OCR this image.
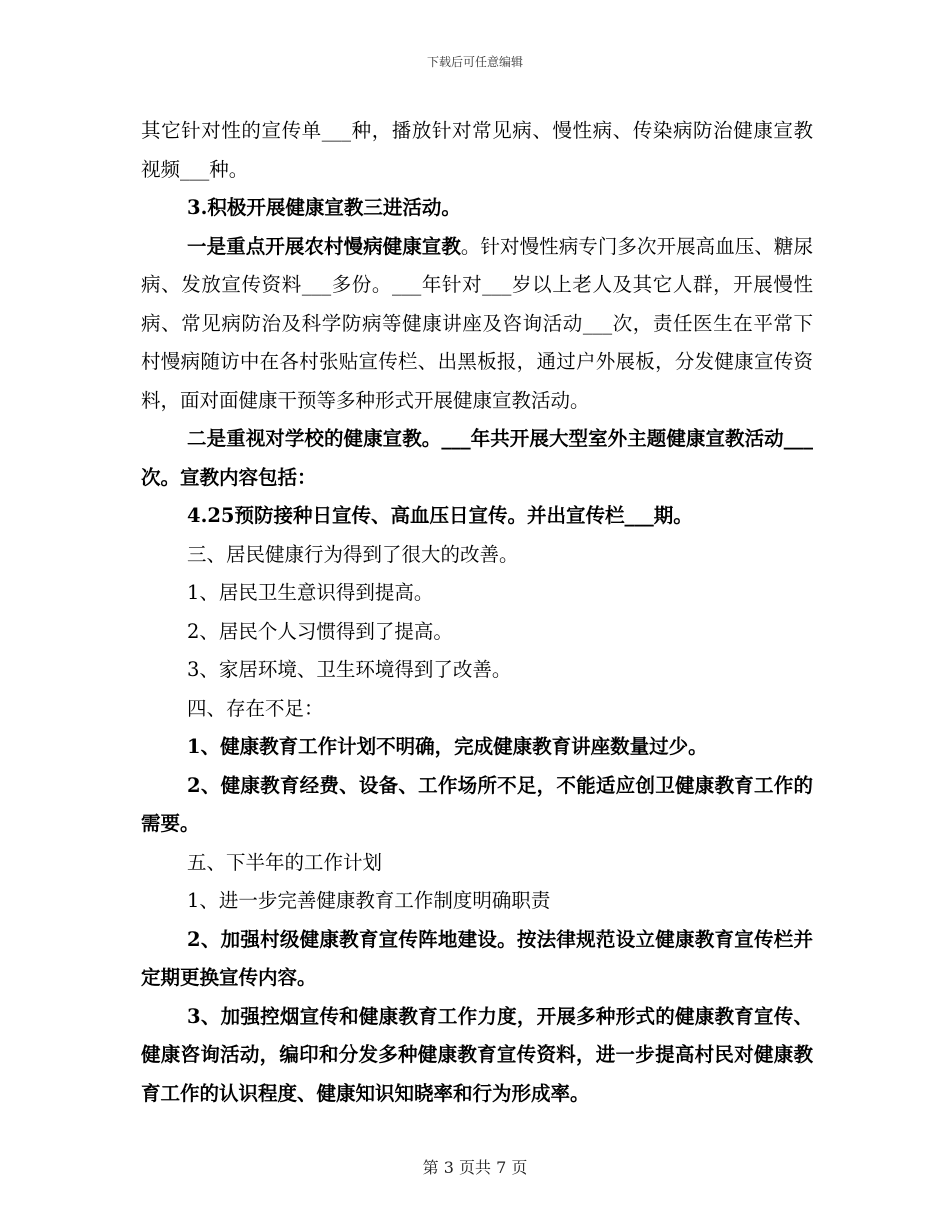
下载后可任意编辑

其它针对性的宣传单___种，播放针对常见病、慢性病、传染病防治健康宣教视频___种。

3.积极开展健康宣教三进活动。

一是重点开展农村慢病健康宣教。针对慢性病专门多次开展高血压、糖尿病、发放宣传资料___多份。___年针对___岁以上老人及其它人群，开展慢性病、常见病防治及科学防病等健康讲座及咨询活动___次，责任医生在平常下村慢病随访中在各村张贴宣传栏、出黑板报，通过户外展板，分发健康宣传资料，面对面健康干预等多种形式开展健康宣教活动。

二是重视对学校的健康宣教。___年共开展大型室外主题健康宣教活动___次。宣教内容包括：

4.25预防接种日宣传、高血压日宣传。并出宣传栏___期。

三、居民健康行为得到了很大的改善。

1、居民卫生意识得到提高。

2、居民个人习惯得到了提高。

3、家居环境、卫生环境得到了改善。

四、存在不足：

1、健康教育工作计划不明确，完成健康教育讲座数量过少。

2、健康教育经费、设备、工作场所不足，不能适应创卫健康教育工作的需要。

五、下半年的工作计划

1、进一步完善健康教育工作制度明确职责

2、加强村级健康教育宣传阵地建设。按法律规范设立健康教育宣传栏并定期更换宣传内容。

3、加强控烟宣传和健康教育工作力度，开展多种形式的健康教育宣传、健康咨询活动，编印和分发多种健康教育宣传资料，进一步提高村民对健康教育工作的认识程度、健康知识知晓率和行为形成率。

第 3 页共 7 页
